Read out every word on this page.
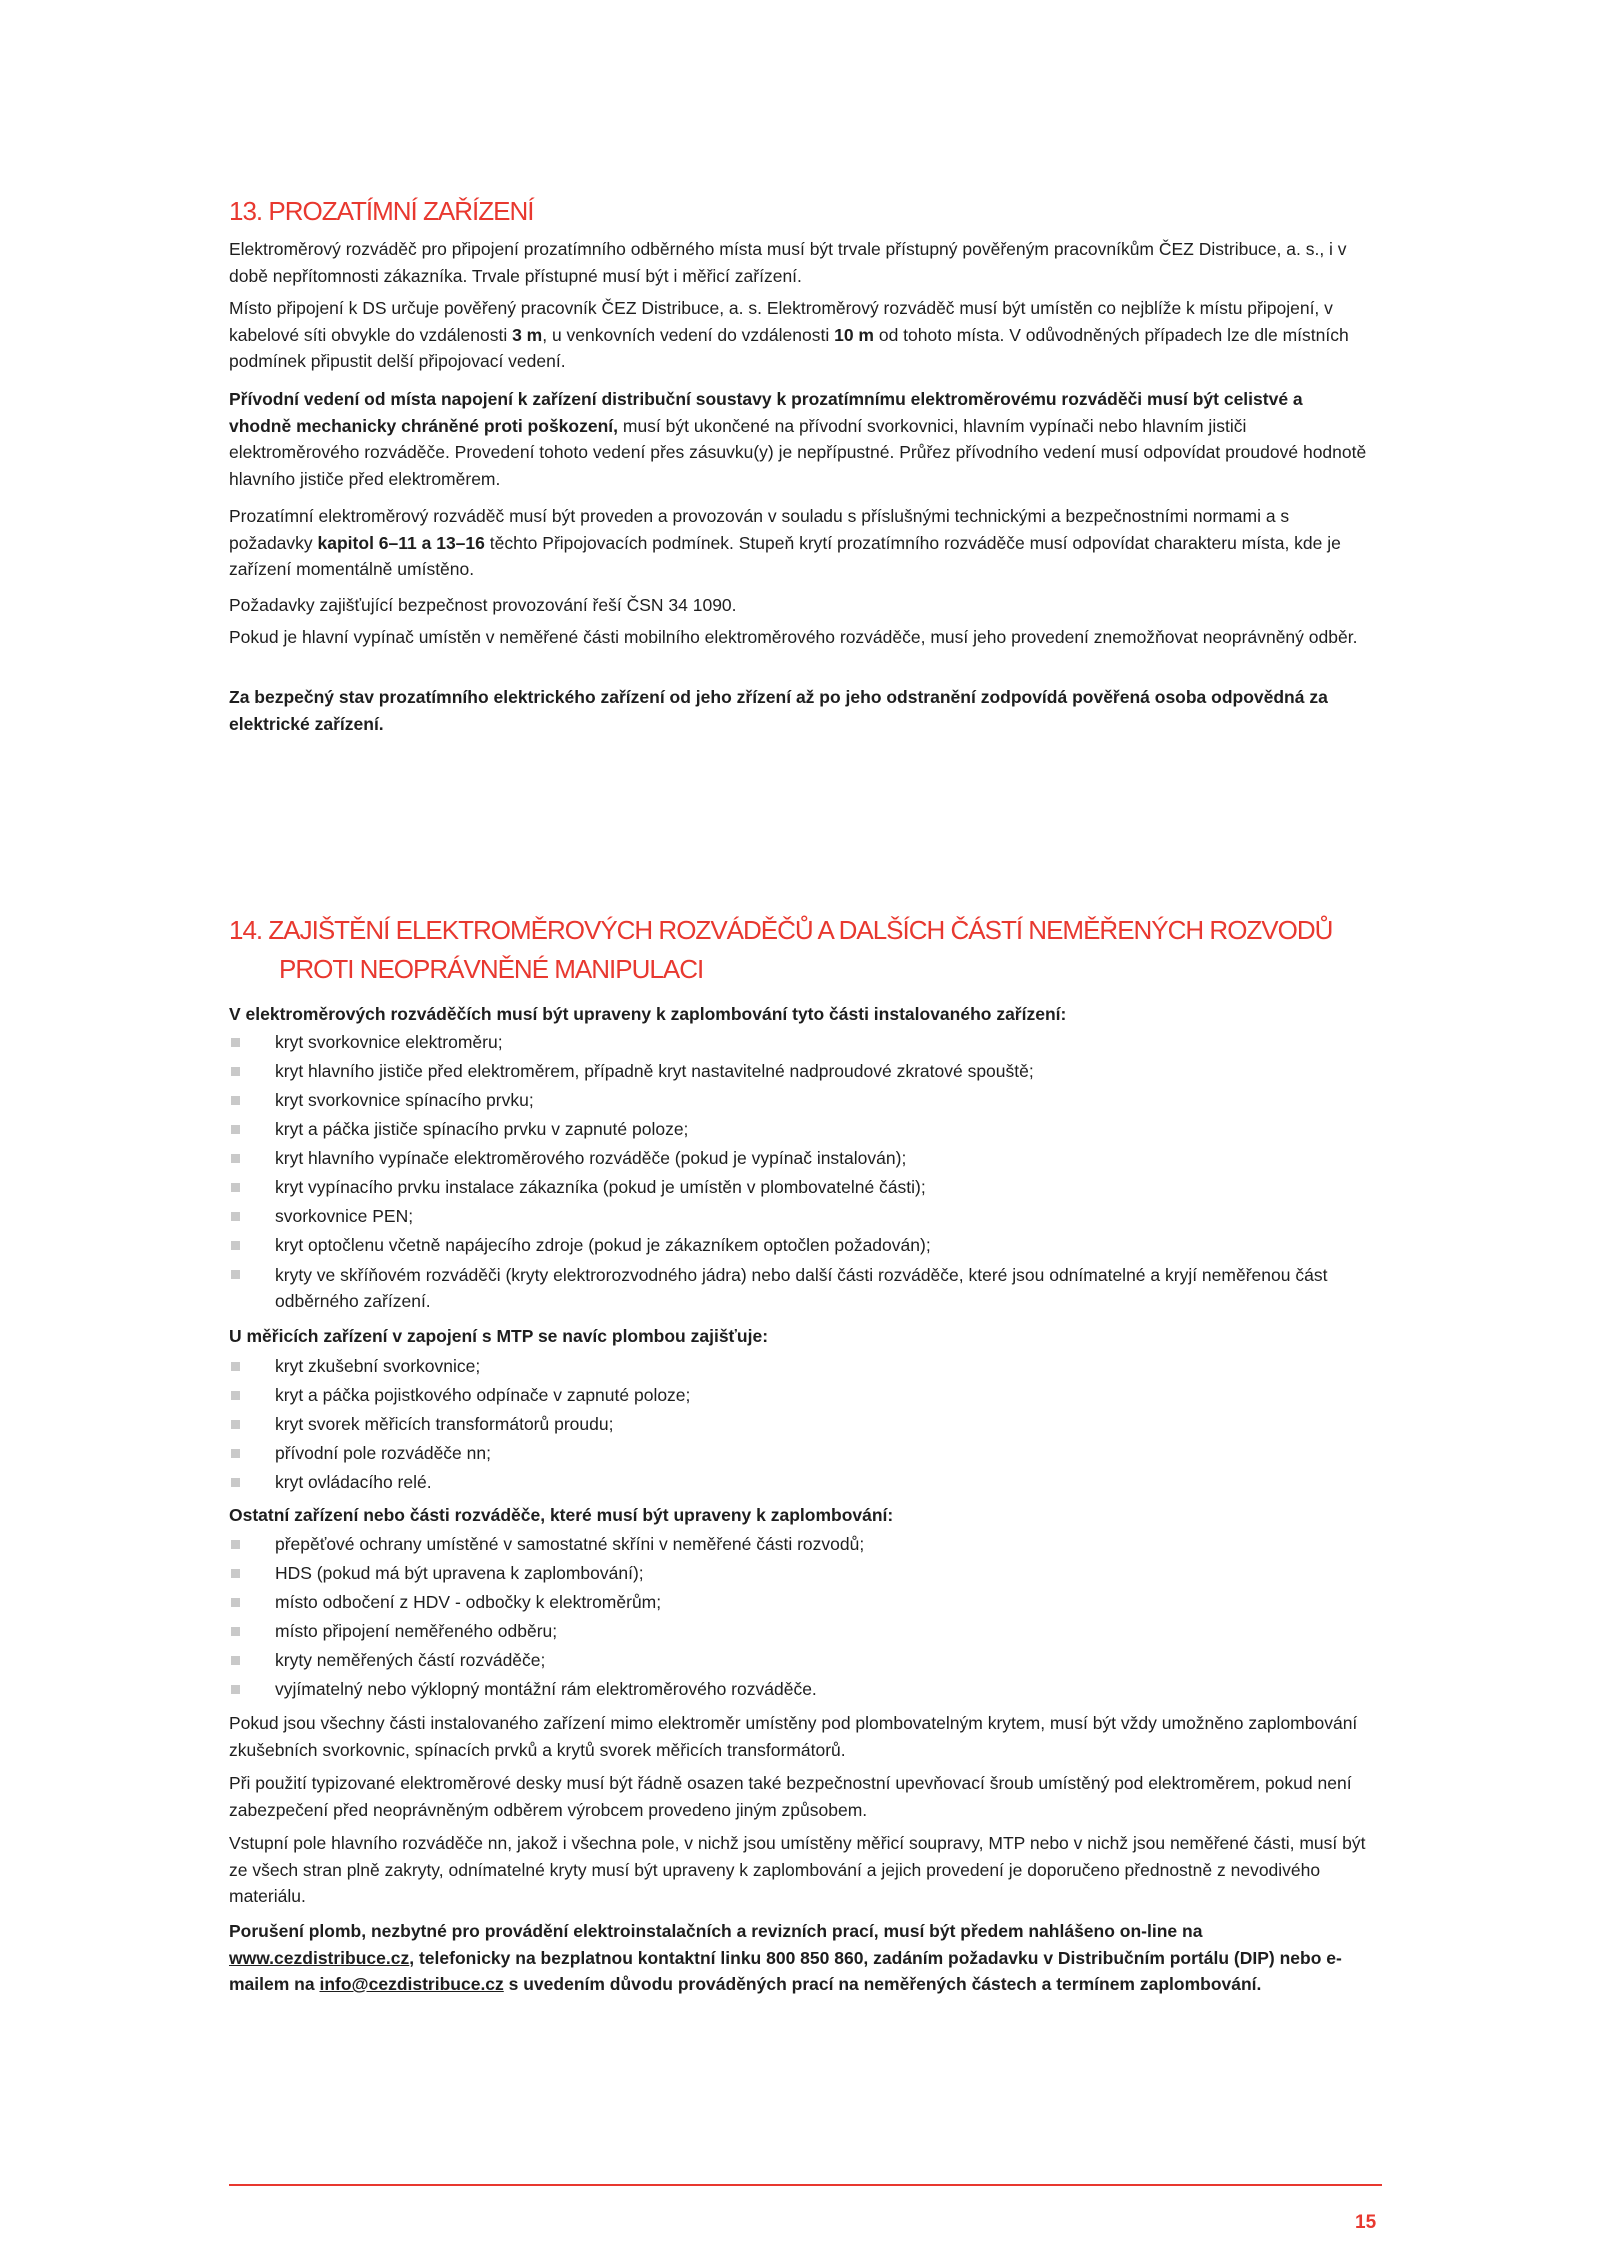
13. PROZATÍMNÍ ZAŘÍZENÍ

Elektroměrový rozváděč pro připojení prozatímního odběrného místa musí být trvale přístupný pověřeným pracovníkům ČEZ Distribuce, a. s., i v době nepřítomnosti zákazníka. Trvale přístupné musí být i měřicí zařízení.

Místo připojení k DS určuje pověřený pracovník ČEZ Distribuce, a. s. Elektroměrový rozváděč musí být umístěn co nejblíže k místu připojení, v kabelové síti obvykle do vzdálenosti 3 m, u venkovních vedení do vzdálenosti 10 m od tohoto místa. V odůvodněných případech lze dle místních podmínek připustit delší připojovací vedení.

Přívodní vedení od místa napojení k zařízení distribuční soustavy k prozatímnímu elektroměrovému rozváděči musí být celistvé a vhodně mechanicky chráněné proti poškození, musí být ukončené na přívodní svorkovnici, hlavním vypínači nebo hlavním jističi elektroměrového rozváděče. Provedení tohoto vedení přes zásuvku(y) je nepřípustné. Průřez přívodního vedení musí odpovídat proudové hodnotě hlavního jističe před elektroměrem.

Prozatímní elektroměrový rozváděč musí být proveden a provozován v souladu s příslušnými technickými a bezpečnostními normami a s požadavky kapitol 6–11 a 13–16 těchto Připojovacích podmínek. Stupeň krytí prozatímního rozváděče musí odpovídat charakteru místa, kde je zařízení momentálně umístěno.

Požadavky zajišťující bezpečnost provozování řeší ČSN 34 1090.

Pokud je hlavní vypínač umístěn v neměřené části mobilního elektroměrového rozváděče, musí jeho provedení znemožňovat neoprávněný odběr.

Za bezpečný stav prozatímního elektrického zařízení od jeho zřízení až po jeho odstranění zodpovídá pověřená osoba odpovědná za elektrické zařízení.

14. ZAJIŠTĚNÍ ELEKTROMĚROVÝCH ROZVÁDĚČŮ A DALŠÍCH ČÁSTÍ NEMĚŘENÝCH ROZVODŮ
PROTI NEOPRÁVNĚNÉ MANIPULACI

V elektroměrových rozváděčích musí být upraveny k zaplombování tyto části instalovaného zařízení:

kryt svorkovnice elektroměru;
kryt hlavního jističe před elektroměrem, případně kryt nastavitelné nadproudové zkratové spouště;
kryt svorkovnice spínacího prvku;
kryt a páčka jističe spínacího prvku v zapnuté poloze;
kryt hlavního vypínače elektroměrového rozváděče (pokud je vypínač instalován);
kryt vypínacího prvku instalace zákazníka (pokud je umístěn v plombovatelné části);
svorkovnice PEN;
kryt optočlenu včetně napájecího zdroje (pokud je zákazníkem optočlen požadován);
kryty ve skříňovém rozváděči (kryty elektrorozvodného jádra) nebo další části rozváděče, které jsou odnímatelné a kryjí neměřenou část odběrného zařízení.

U měřicích zařízení v zapojení s MTP se navíc plombou zajišťuje:

kryt zkušební svorkovnice;
kryt a páčka pojistkového odpínače v zapnuté poloze;
kryt svorek měřicích transformátorů proudu;
přívodní pole rozváděče nn;
kryt ovládacího relé.

Ostatní zařízení nebo části rozváděče, které musí být upraveny k zaplombování:

přepěťové ochrany umístěné v samostatné skříni v neměřené části rozvodů;
HDS (pokud má být upravena k zaplombování);
místo odbočení z HDV - odbočky k elektroměrům;
místo připojení neměřeného odběru;
kryty neměřených částí rozváděče;
vyjímatelný nebo výklopný montážní rám elektroměrového rozváděče.

Pokud jsou všechny části instalovaného zařízení mimo elektroměr umístěny pod plombovatelným krytem, musí být vždy umožněno zaplombování zkušebních svorkovnic, spínacích prvků a krytů svorek měřicích transformátorů.

Při použití typizované elektroměrové desky musí být řádně osazen také bezpečnostní upevňovací šroub umístěný pod elektroměrem, pokud není zabezpečení před neoprávněným odběrem výrobcem provedeno jiným způsobem.

Vstupní pole hlavního rozváděče nn, jakož i všechna pole, v nichž jsou umístěny měřicí soupravy, MTP nebo v nichž jsou neměřené části, musí být ze všech stran plně zakryty, odnímatelné kryty musí být upraveny k zaplombování a jejich provedení je doporučeno přednostně z nevodivého materiálu.

Porušení plomb, nezbytné pro provádění elektroinstalačních a revizních prací, musí být předem nahlášeno on-line na www.cezdistribuce.cz, telefonicky na bezplatnou kontaktní linku 800 850 860, zadáním požadavku v Distribučním portálu (DIP) nebo e-mailem na info@cezdistribuce.cz s uvedením důvodu prováděných prací na neměřených částech a termínem zaplombování.

15
